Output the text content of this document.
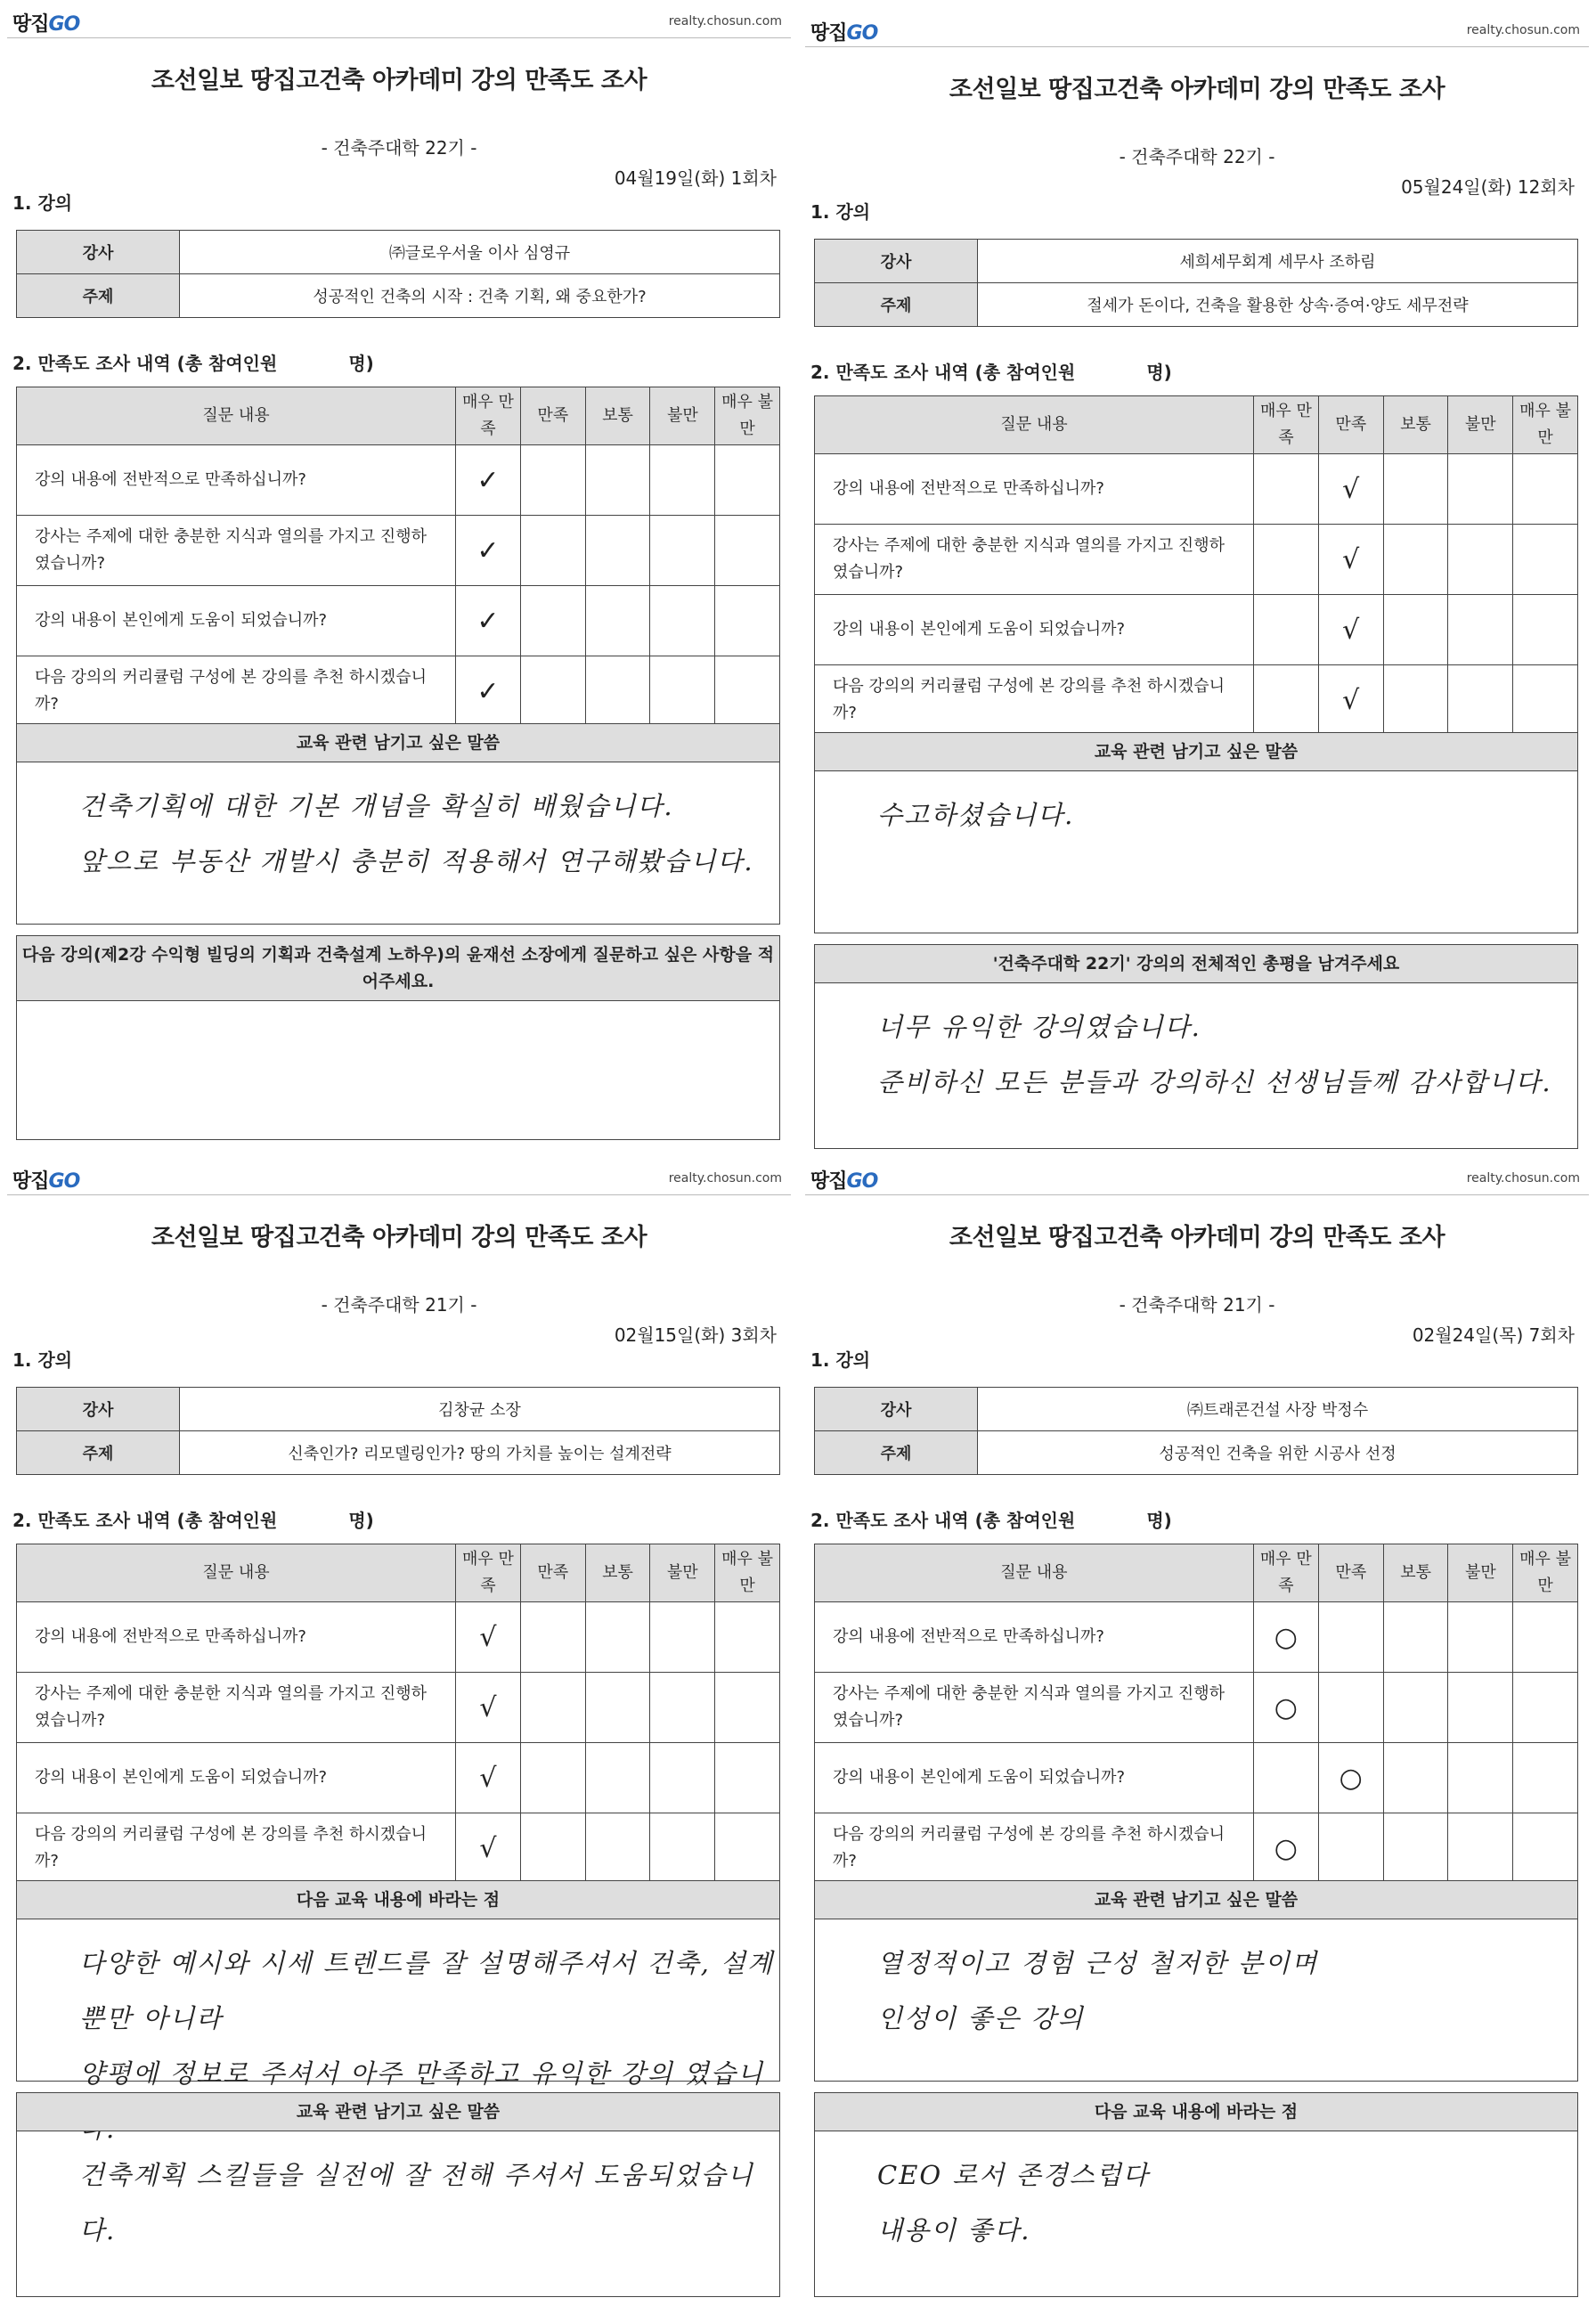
땅집GO	realty.chosun.com
조선일보 땅집고건축 아카데미 강의 만족도 조사
- 건축주대학 22기 -
04월19일(화) 1회차
1. 강의
강사	㈜글로우서울 이사 심영규
주제	성공적인 건축의 시작 : 건축 기획, 왜 중요한가?
2. 만족도 조사 내역 (총 참여인원	명)
질문 내용	매우 만족	만족	보통	불만	매우 불만
강의 내용에 전반적으로 만족하십니까?	✓				
강사는 주제에 대한 충분한 지식과 열의를 가지고 진행하였습니까?	✓				
강의 내용이 본인에게 도움이 되었습니까?	✓				
다음 강의의 커리큘럼 구성에 본 강의를 추천 하시겠습니까?	✓				
교육 관련 남기고 싶은 말씀
건축기획에 대한 기본 개념을 확실히 배웠습니다.
앞으로 부동산 개발시 충분히 적용해서 연구해봤습니다.
다음 강의(제2강 수익형 빌딩의 기획과 건축설계 노하우)의 윤재선 소장에게 질문하고 싶은 사항을 적어주세요.
땅집GO	realty.chosun.com
조선일보 땅집고건축 아카데미 강의 만족도 조사
- 건축주대학 22기 -
05월24일(화) 12회차
1. 강의
강사	세희세무회계 세무사 조하림
주제	절세가 돈이다, 건축을 활용한 상속·증여·양도 세무전략
2. 만족도 조사 내역 (총 참여인원	명)
질문 내용	매우 만족	만족	보통	불만	매우 불만
강의 내용에 전반적으로 만족하십니까?		√			
강사는 주제에 대한 충분한 지식과 열의를 가지고 진행하였습니까?		√			
강의 내용이 본인에게 도움이 되었습니까?		√			
다음 강의의 커리큘럼 구성에 본 강의를 추천 하시겠습니까?		√			
교육 관련 남기고 싶은 말씀
수고하셨습니다.
'건축주대학 22기' 강의의 전체적인 총평을 남겨주세요
너무 유익한 강의였습니다.
준비하신 모든 분들과 강의하신 선생님들께 감사합니다.
땅집GO	realty.chosun.com
조선일보 땅집고건축 아카데미 강의 만족도 조사
- 건축주대학 21기 -
02월15일(화) 3회차
1. 강의
강사	김창균 소장
주제	신축인가? 리모델링인가? 땅의 가치를 높이는 설계전략
2. 만족도 조사 내역 (총 참여인원	명)
질문 내용	매우 만족	만족	보통	불만	매우 불만
강의 내용에 전반적으로 만족하십니까?	√				
강사는 주제에 대한 충분한 지식과 열의를 가지고 진행하였습니까?	√				
강의 내용이 본인에게 도움이 되었습니까?	√				
다음 강의의 커리큘럼 구성에 본 강의를 추천 하시겠습니까?	√				
다음 교육 내용에 바라는 점
다양한 예시와 시세 트렌드를 잘 설명해주셔서 건축, 설계 뿐만 아니라
양평에 정보로 주셔서 아주 만족하고 유익한 강의 였습니
교육 관련 남기고 싶은 말씀
건축계획 스킬들을 실전에 잘 전해 주셔서 도움되었습니다.
땅집GO	realty.chosun.com
조선일보 땅집고건축 아카데미 강의 만족도 조사
- 건축주대학 21기 -
02월24일(목) 7회차
1. 강의
강사	㈜트래콘건설 사장 박정수
주제	성공적인 건축을 위한 시공사 선정
2. 만족도 조사 내역 (총 참여인원	명)
질문 내용	매우 만족	만족	보통	불만	매우 불만
강의 내용에 전반적으로 만족하십니까?	○				
강사는 주제에 대한 충분한 지식과 열의를 가지고 진행하였습니까?	○				
강의 내용이 본인에게 도움이 되었습니까?		○			
다음 강의의 커리큘럼 구성에 본 강의를 추천 하시겠습니까?	○				
교육 관련 남기고 싶은 말씀
열정적이고 경험 근성 철저한 분이며
인성이 좋은 강의
다음 교육 내용에 바라는 점
CEO 로서 존경스럽다
내용이 좋다.
